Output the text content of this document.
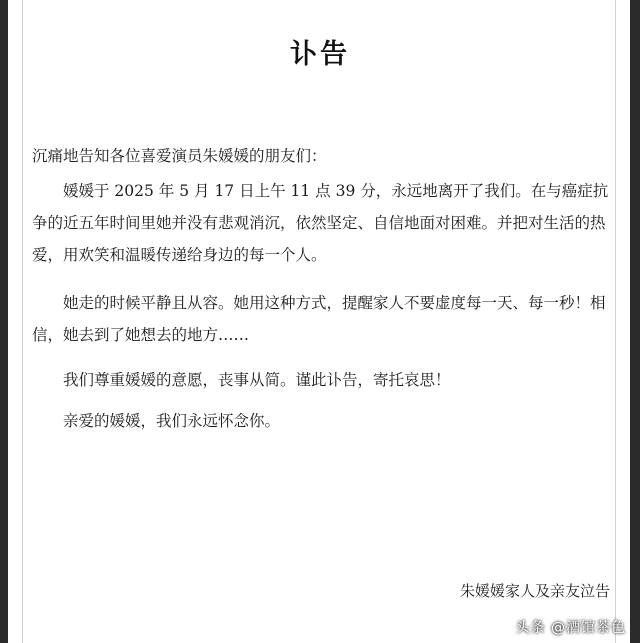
讣告
沉痛地告知各位喜爱演员朱媛媛的朋友们：
媛媛于 2025 年 5 月 17 日上午 11 点 39 分，永远地离开了我们。在与癌症抗争的近五年时间里她并没有悲观消沉，依然坚定、自信地面对困难。并把对生活的热爱，用欢笑和温暖传递给身边的每一个人。
她走的时候平静且从容。她用这种方式，提醒家人不要虚度每一天、每一秒！相信，她去到了她想去的地方……
我们尊重媛媛的意愿，丧事从简。谨此讣告，寄托哀思！
亲爱的媛媛，我们永远怀念你。
朱媛媛家人及亲友泣告
头条 @酒馆茶色
